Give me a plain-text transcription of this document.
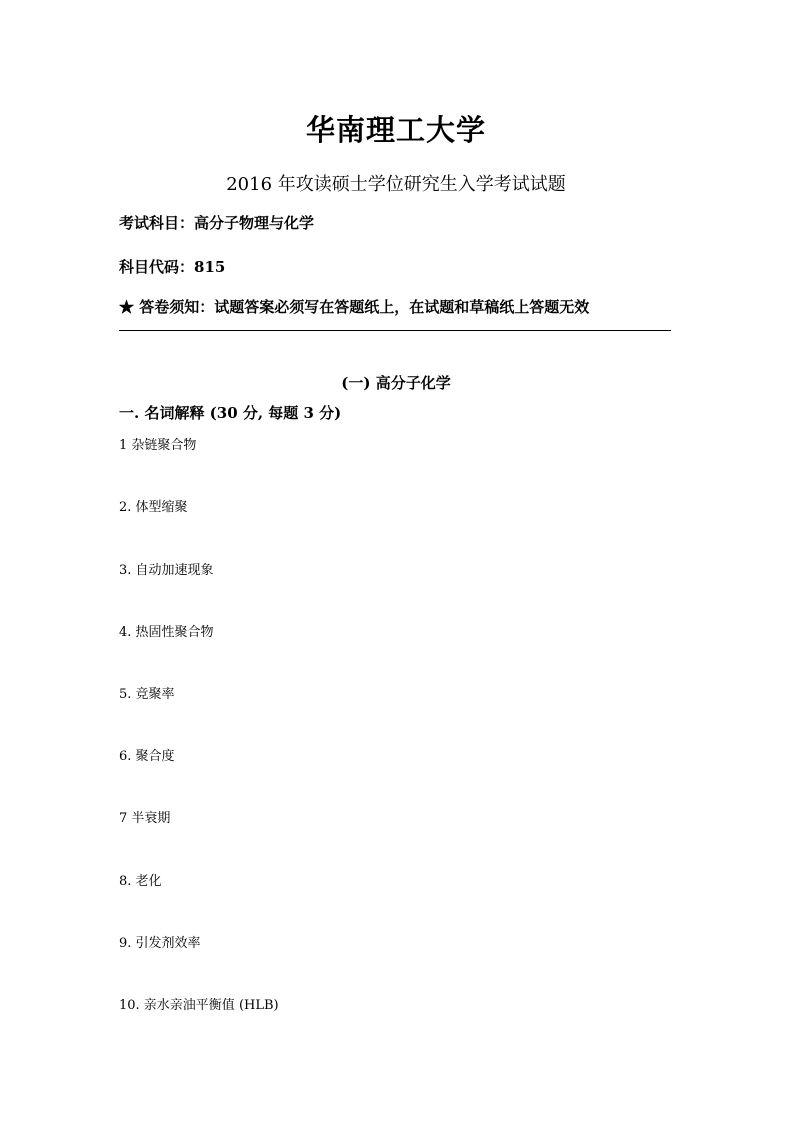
华南理工大学
2016 年攻读硕士学位研究生入学考试试题
考试科目：高分子物理与化学
科目代码：815
★ 答卷须知：试题答案必须写在答题纸上，在试题和草稿纸上答题无效
(一) 高分子化学
一. 名词解释 (30 分, 每题 3 分)
1 杂链聚合物
2. 体型缩聚
3. 自动加速现象
4. 热固性聚合物
5. 竞聚率
6. 聚合度
7 半衰期
8. 老化
9. 引发剂效率
10. 亲水亲油平衡值 (HLB)
